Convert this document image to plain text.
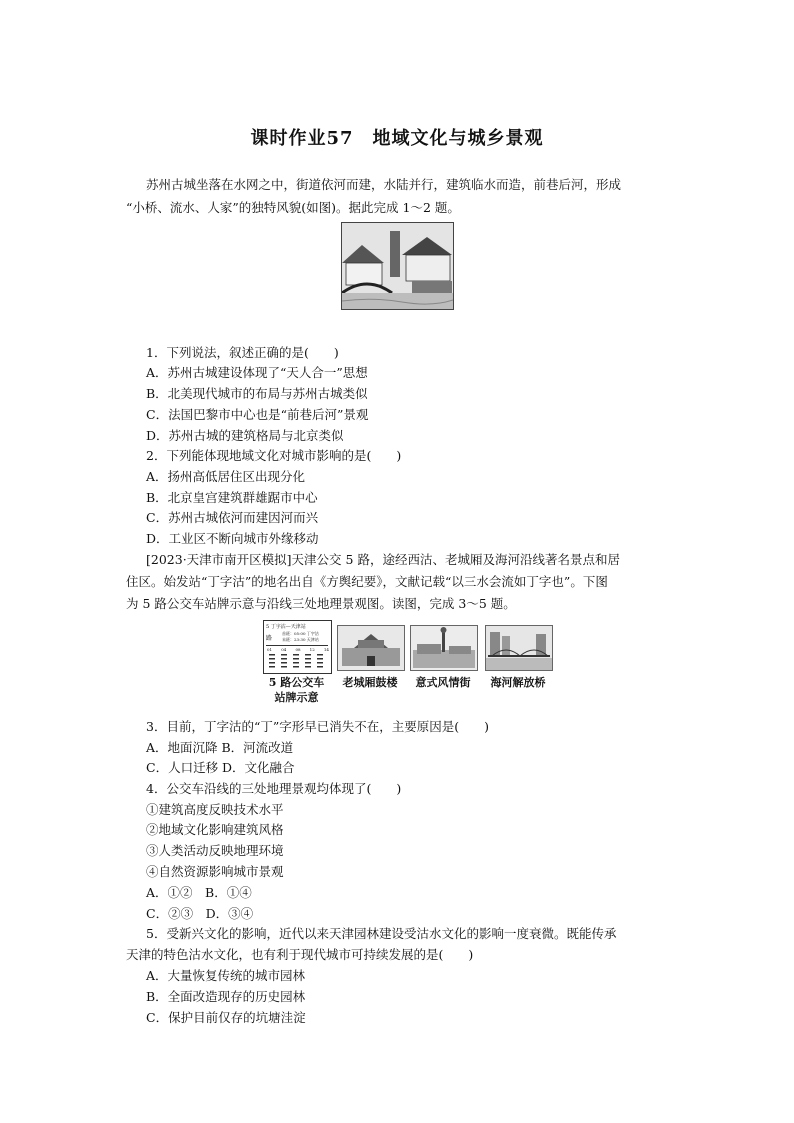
课时作业57　地域文化与城乡景观
苏州古城坐落在水网之中，街道依河而建，水陆并行，建筑临水而造，前巷后河，形成
“小桥、流水、人家”的独特风貌(如图)。据此完成 1～2 题。
1．下列说法，叙述正确的是(　　)
A．苏州古城建设体现了“天人合一”思想
B．北美现代城市的布局与苏州古城类似
C．法国巴黎市中心也是“前巷后河”景观
D．苏州古城的建筑格局与北京类似
2．下列能体现地域文化对城市影响的是(　　)
A．扬州高低居住区出现分化
B．北京皇宫建筑群雄踞市中心
C．苏州古城依河而建因河而兴
D．工业区不断向城市外缘移动
[2023·天津市南开区模拟]天津公交 5 路，途经西沽、老城厢及海河沿线著名景点和居
住区。始发站“丁字沽”的地名出自《方舆纪要》，文献记载“以三水会流如丁字也”。下图
为 5 路公交车站牌示意与沿线三处地理景观图。读图，完成 3～5 题。
5 丁字沽—天津站
路
首班：05:00 丁字沽
末班：23:30 天津站
01 04 08 12 14
5 路公交车
站牌示意
老城厢鼓楼	意式风情街	海河解放桥
3．目前，丁字沽的“丁”字形早已消失不在，主要原因是(　　)
A．地面沉降 B．河流改道
C．人口迁移 D．文化融合
4．公交车沿线的三处地理景观均体现了(　　)
①建筑高度反映技术水平
②地域文化影响建筑风格
③人类活动反映地理环境
④自然资源影响城市景观
A．①②　B．①④
C．②③　D．③④
5．受新兴文化的影响，近代以来天津园林建设受沽水文化的影响一度衰微。既能传承
天津的特色沽水文化，也有利于现代城市可持续发展的是(　　)
A．大量恢复传统的城市园林
B．全面改造现存的历史园林
C．保护目前仅存的坑塘洼淀
